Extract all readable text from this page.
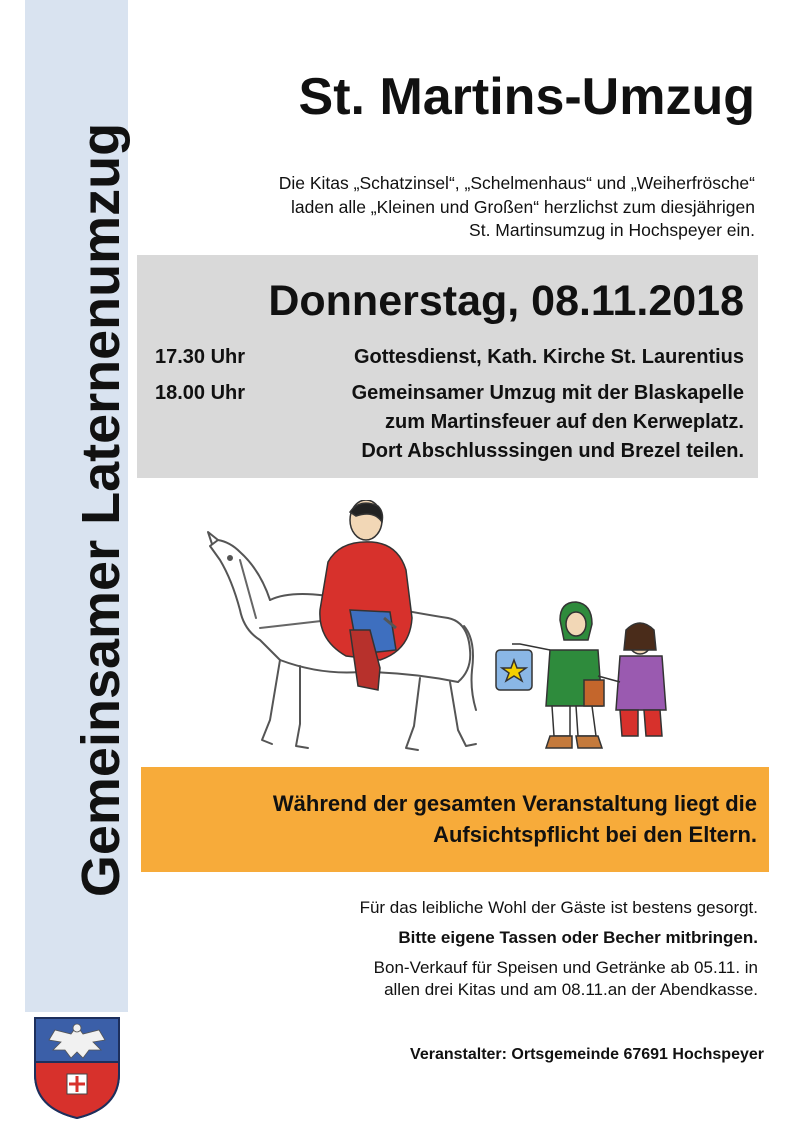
Gemeinsamer Laternenumzug
St. Martins-Umzug
Die Kitas „Schatzinsel“, „Schelmenhaus“ und „Weiherfrösche“
laden alle „Kleinen und Großen“ herzlichst zum diesjährigen
St. Martinsumzug in Hochspeyer ein.
Donnerstag, 08.11.2018
17.30 Uhr	Gottesdienst, Kath. Kirche St. Laurentius
18.00 Uhr	Gemeinsamer Umzug mit der Blaskapelle
zum Martinsfeuer auf den Kerweplatz.
Dort Abschlusssingen und Brezel teilen.
Während der gesamten Veranstaltung liegt die
Aufsichtspflicht bei den Eltern.
Für das leibliche Wohl der Gäste ist bestens gesorgt.
Bitte eigene Tassen oder Becher mitbringen.
Bon-Verkauf für Speisen und Getränke ab 05.11. in
allen drei Kitas und am 08.11.an der Abendkasse.
Veranstalter: Ortsgemeinde 67691 Hochspeyer
